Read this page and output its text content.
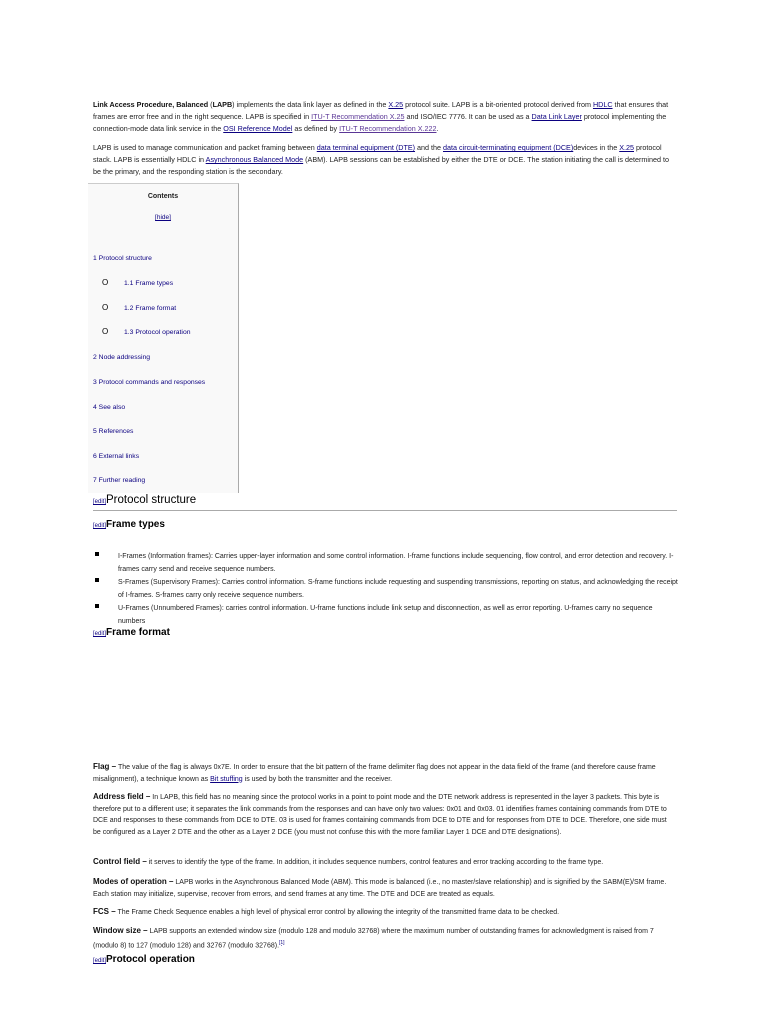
Link Access Procedure, Balanced (LAPB) implements the data link layer as defined in the X.25 protocol suite. LAPB is a bit-oriented protocol derived from HDLC that ensures that frames are error free and in the right sequence. LAPB is specified in ITU-T Recommendation X.25 and ISO/IEC 7776. It can be used as a Data Link Layer protocol implementing the connection-mode data link service in the OSI Reference Model as defined by ITU-T Recommendation X.222.
LAPB is used to manage communication and packet framing between data terminal equipment (DTE) and the data circuit-terminating equipment (DCE)devices in the X.25 protocol stack. LAPB is essentially HDLC in Asynchronous Balanced Mode (ABM). LAPB sessions can be established by either the DTE or DCE. The station initiating the call is determined to be the primary, and the responding station is the secondary.
Contents
[hide]
1 Protocol structure
O 1.1 Frame types
O 1.2 Frame format
O 1.3 Protocol operation
2 Node addressing
3 Protocol commands and responses
4 See also
5 References
6 External links
7 Further reading
[edit]Protocol structure
[edit]Frame types
I-Frames (Information frames): Carries upper-layer information and some control information. I-frame functions include sequencing, flow control, and error detection and recovery. I-frames carry send and receive sequence numbers.
S-Frames (Supervisory Frames): Carries control information. S-frame functions include requesting and suspending transmissions, reporting on status, and acknowledging the receipt of I-frames. S-frames carry only receive sequence numbers.
U-Frames (Unnumbered Frames): carries control information. U-frame functions include link setup and disconnection, as well as error reporting. U-frames carry no sequence numbers
[edit]Frame format
Flag – The value of the flag is always 0x7E. In order to ensure that the bit pattern of the frame delimiter flag does not appear in the data field of the frame (and therefore cause frame misalignment), a technique known as Bit stuffing is used by both the transmitter and the receiver.
Address field – In LAPB, this field has no meaning since the protocol works in a point to point mode and the DTE network address is represented in the layer 3 packets. This byte is therefore put to a different use; it separates the link commands from the responses and can have only two values: 0x01 and 0x03. 01 identifies frames containing commands from DTE to DCE and responses to these commands from DCE to DTE. 03 is used for frames containing commands from DCE to DTE and for responses from DTE to DCE. Therefore, one side must be configured as a Layer 2 DTE and the other as a Layer 2 DCE (you must not confuse this with the more familiar Layer 1 DCE and DTE designations).
Control field – it serves to identify the type of the frame. In addition, it includes sequence numbers, control features and error tracking according to the frame type.
Modes of operation – LAPB works in the Asynchronous Balanced Mode (ABM). This mode is balanced (i.e., no master/slave relationship) and is signified by the SABM(E)/SM frame. Each station may initialize, supervise, recover from errors, and send frames at any time. The DTE and DCE are treated as equals.
FCS – The Frame Check Sequence enables a high level of physical error control by allowing the integrity of the transmitted frame data to be checked.
Window size – LAPB supports an extended window size (modulo 128 and modulo 32768) where the maximum number of outstanding frames for acknowledgment is raised from 7 (modulo 8) to 127 (modulo 128) and 32767 (modulo 32768).[1]
[edit]Protocol operation
